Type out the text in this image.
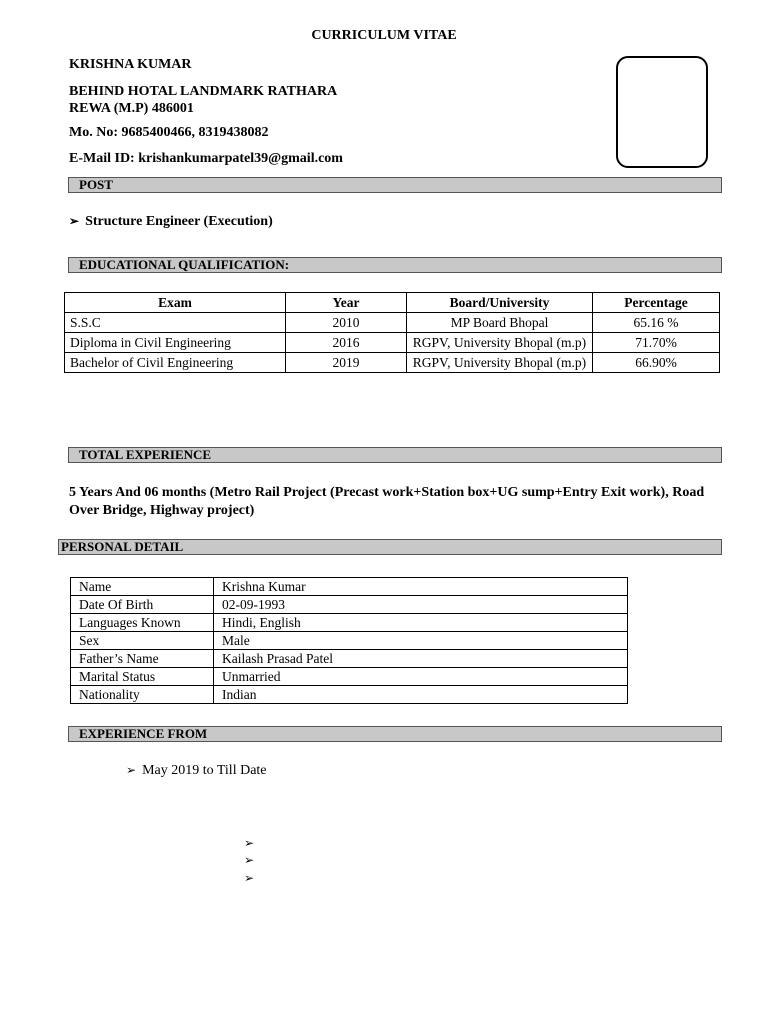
CURRICULUM VITAE
KRISHNA KUMAR
BEHIND HOTAL LANDMARK RATHARA
REWA (M.P) 486001
Mo. No: 9685400466, 8319438082
E-Mail ID: krishankumarpatel39@gmail.com
POST
➢ Structure Engineer (Execution)
EDUCATIONAL QUALIFICATION:
Exam	Year	Board/University	Percentage
S.S.C	2010	MP Board Bhopal	65.16 %
Diploma in Civil Engineering	2016	RGPV, University Bhopal (m.p)	71.70%
Bachelor of Civil Engineering	2019	RGPV, University Bhopal (m.p)	66.90%
TOTAL EXPERIENCE
5 Years And 06 months (Metro Rail Project (Precast work+Station box+UG sump+Entry Exit work), Road Over Bridge, Highway project)
PERSONAL DETAIL
Name	Krishna Kumar
Date Of Birth	02-09-1993
Languages Known	Hindi, English
Sex	Male
Father’s Name	Kailash Prasad Patel
Marital Status	Unmarried
Nationality	Indian
EXPERIENCE FROM
➢ May 2019 to Till Date
➢
➢
➢
